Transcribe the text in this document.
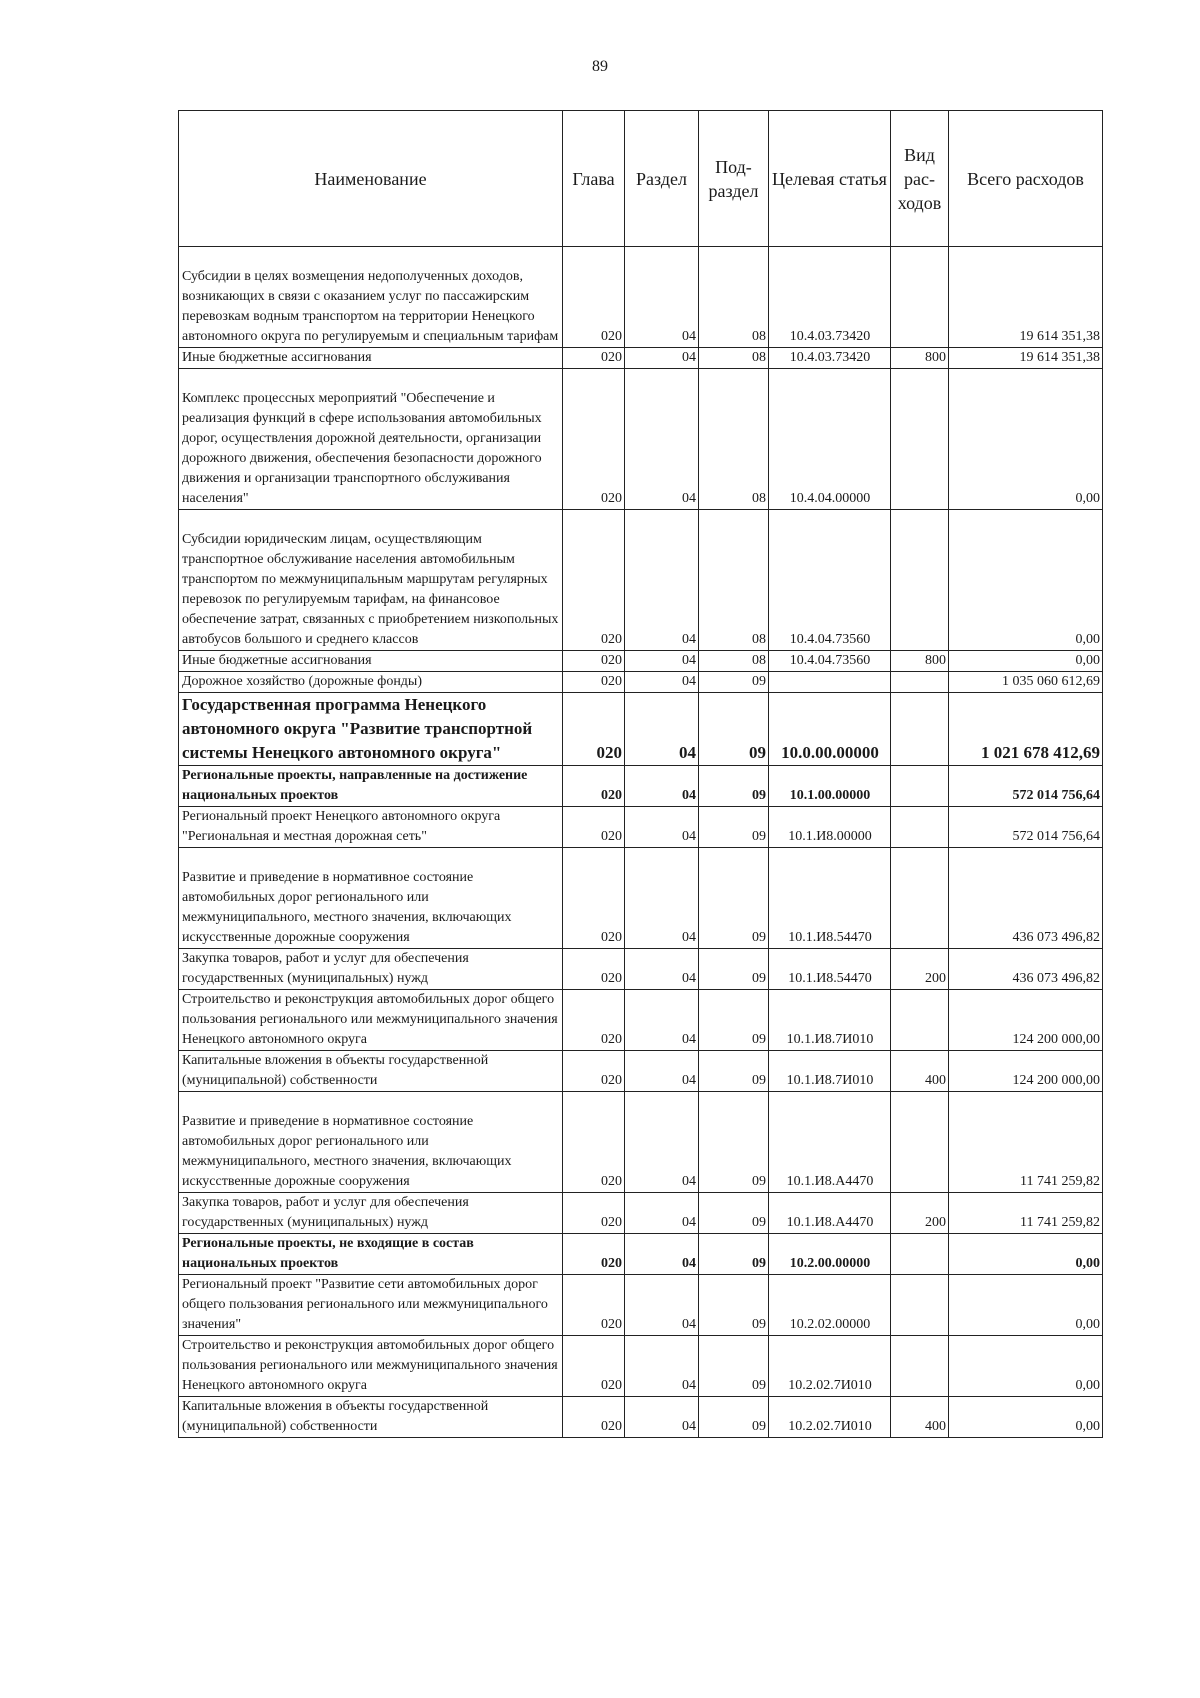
89
Наименование	Глава	Раздел	Под-раздел	Целевая статья	Вид рас-ходов	Всего расходов
Субсидии в целях возмещения недополученных доходов, возникающих в связи с оказанием услуг по пассажирским перевозкам водным транспортом на территории Ненецкого автономного округа по регулируемым и специальным тарифам	020	04	08	10.4.03.73420		19 614 351,38
Иные бюджетные ассигнования	020	04	08	10.4.03.73420	800	19 614 351,38
Комплекс процессных мероприятий "Обеспечение и реализация функций в сфере использования автомобильных дорог, осуществления дорожной деятельности, организации дорожного движения, обеспечения безопасности дорожного движения и организации транспортного обслуживания населения"	020	04	08	10.4.04.00000		0,00
Субсидии юридическим лицам, осуществляющим транспортное обслуживание населения автомобильным транспортом по межмуниципальным маршрутам регулярных перевозок по регулируемым тарифам, на финансовое обеспечение затрат, связанных с приобретением низкопольных автобусов большого и среднего классов	020	04	08	10.4.04.73560		0,00
Иные бюджетные ассигнования	020	04	08	10.4.04.73560	800	0,00
Дорожное хозяйство (дорожные фонды)	020	04	09			1 035 060 612,69
Государственная программа Ненецкого автономного округа "Развитие транспортной системы Ненецкого автономного округа"	020	04	09	10.0.00.00000		1 021 678 412,69
Региональные проекты, направленные на достижение национальных проектов	020	04	09	10.1.00.00000		572 014 756,64
Региональный проект Ненецкого автономного округа "Региональная и местная дорожная сеть"	020	04	09	10.1.И8.00000		572 014 756,64
Развитие и приведение в нормативное состояние автомобильных дорог регионального или межмуниципального, местного значения, включающих искусственные дорожные сооружения	020	04	09	10.1.И8.54470		436 073 496,82
Закупка товаров, работ и услуг для обеспечения государственных (муниципальных) нужд	020	04	09	10.1.И8.54470	200	436 073 496,82
Строительство и реконструкция автомобильных дорог общего пользования регионального или межмуниципального значения Ненецкого автономного округа	020	04	09	10.1.И8.7И010		124 200 000,00
Капитальные вложения в объекты государственной (муниципальной) собственности	020	04	09	10.1.И8.7И010	400	124 200 000,00
Развитие и приведение в нормативное состояние автомобильных дорог регионального или межмуниципального, местного значения, включающих искусственные дорожные сооружения	020	04	09	10.1.И8.А4470		11 741 259,82
Закупка товаров, работ и услуг для обеспечения государственных (муниципальных) нужд	020	04	09	10.1.И8.А4470	200	11 741 259,82
Региональные проекты, не входящие в состав национальных проектов	020	04	09	10.2.00.00000		0,00
Региональный проект "Развитие сети автомобильных дорог общего пользования регионального или межмуниципального значения"	020	04	09	10.2.02.00000		0,00
Строительство и реконструкция автомобильных дорог общего пользования регионального или межмуниципального значения Ненецкого автономного округа	020	04	09	10.2.02.7И010		0,00
Капитальные вложения в объекты государственной (муниципальной) собственности	020	04	09	10.2.02.7И010	400	0,00
